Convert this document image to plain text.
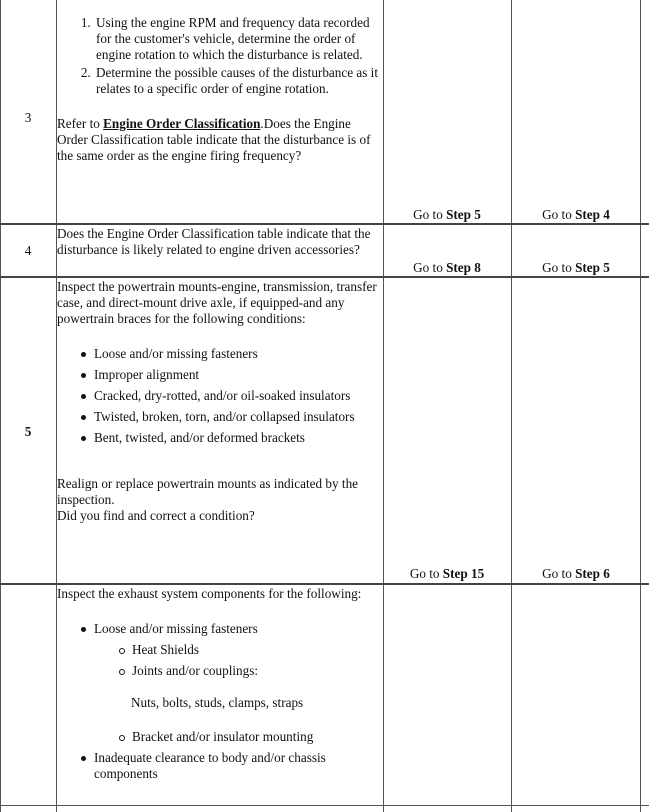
3
1. Using the engine RPM and frequency data recorded for the customer's vehicle, determine the order of engine rotation to which the disturbance is related.
2. Determine the possible causes of the disturbance as it relates to a specific order of engine rotation.

Refer to Engine Order Classification.Does the Engine Order Classification table indicate that the disturbance is of the same order as the engine firing frequency?

Go to Step 5	Go to Step 4
4
Does the Engine Order Classification table indicate that the disturbance is likely related to engine driven accessories?
Go to Step 8	Go to Step 5
5

Inspect the powertrain mounts-engine, transmission, transfer case, and direct-mount drive axle, if equipped-and any powertrain braces for the following conditions:

Loose and/or missing fasteners
Improper alignment
Cracked, dry-rotted, and/or oil-soaked insulators
Twisted, broken, torn, and/or collapsed insulators
Bent, twisted, and/or deformed brackets

Realign or replace powertrain mounts as indicated by the inspection.

Did you find and correct a condition?

Go to Step 15	Go to Step 6

Inspect the exhaust system components for the following:

Loose and/or missing fasteners
Heat Shields
Joints and/or couplings:

Nuts, bolts, studs, clamps, straps

Bracket and/or insulator mounting
Inadequate clearance to body and/or chassis components
